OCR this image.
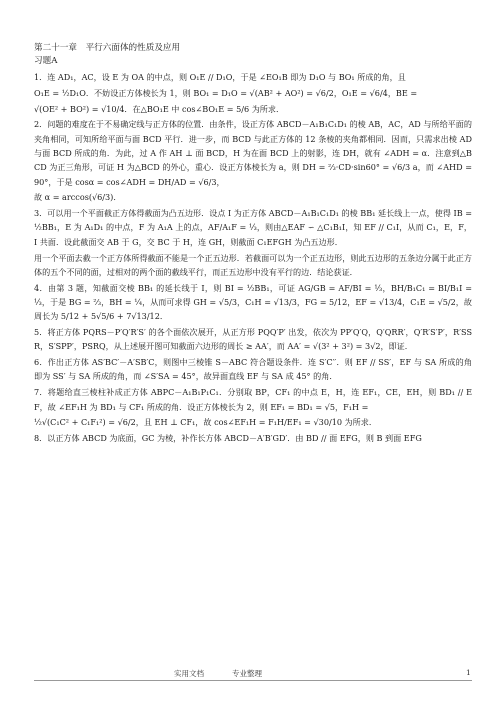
第二十一章　平行六面体的性质及应用

习题A

1．连 AD₁，AC，设 E 为 OA 的中点，则 O₁E // D₁O，于是 ∠EO₁B 即为 D₁O 与 BO₁ 所成的角，且

O₁E = ½D₁O．不妨设正方体棱长为 1，则 BO₁ = D₁O = √(AB² + AO²) = √6/2，O₁E = √6/4，BE =

√(OE² + BO²) = √10/4．在△BO₁E 中 cos∠BO₁E = 5/6 为所求．

2．问题的难度在于不易确定线与正方体的位置．由条件，设正方体 ABCD－A₁B₁C₁D₁ 的棱 AB，AC，AD 与所给平面的夹角相同，可知所给平面与面 BCD 平行．进一步，而 BCD 与此正方体的 12 条棱的夹角都相同．因而，只需求出棱 AD 与面 BCD 所成的角．为此，过 A 作 AH ⊥ 面 BCD，H 为在面 BCD 上的射影，连 DH，就有 ∠ADH = α．注意到△BCD 为正三角形，可证 H 为△BCD 的外心，重心．设正方体棱长为 a，则 DH = ⅔·CD·sin60° = √6/3 a，而 ∠AHD = 90°，于是 cosα = cos∠ADH = DH/AD = √6/3，

故 α = arccos(√6/3)．

3．可以用一个平面截正方体得截面为凸五边形．设点 I 为正方体 ABCD－A₁B₁C₁D₁ 的棱 BB₁ 延长线上一点，使得 IB = ½BB₁，E 为 A₁D₁ 的中点，F 为 A₁A 上的点，AF/A₁F = ⅓，则由△EAF ∽ △C₁B₁I，知 EF // C₁I，从而 C₁，E，F，I 共面．设此截面交 AB 于 G，交 BC 于 H，连 GH，则截面 C₁EFGH 为凸五边形．

用一个平面去截一个正方体所得截面不能是一个正五边形．若截面可以为一个正五边形，则此五边形的五条边分属于此正方体的五个不同的面，过相对的两个面的截线平行，而正五边形中没有平行的边．结论获证．

4．由第 3 题，知截面交棱 BB₁ 的延长线于 I，则 BI = ½BB₁，可证 AG/GB = AF/BI = ⅓，BH/B₁C₁ = BI/B₁I = ⅓，于是 BG = ⅔，BH = ¼，从而可求得 GH = √5/3，C₁H = √13/3，FG = 5/12，EF = √13/4，C₁E = √5/2，故周长为 5/12 + 5√5/6 + 7√13/12．

5．将正方体 PQRS－P′Q′R′S′ 的各个面依次展开，从正方形 PQQ′P′ 出发，依次为 PP′Q′Q，Q′QRR′，Q′R′S′P′，R′SSR，S′SPP′，PSRQ，从上述展开图可知截面六边形的周长 ≥ AA′，而 AA′ = √(3² + 3²) = 3√2，即证．

6．作出正方体 AS′BC′－A′SB′C，则图中三棱锥 S－ABC 符合题设条件．连 S′C′′．则 EF // SS′，EF 与 SA 所成的角即为 SS′ 与 SA 所成的角，而 ∠S′SA = 45°，故异面直线 EF 与 SA 成 45° 的角．

7．将题给直三棱柱补成正方体 ABPC－A₁B₁P₁C₁．分别取 BP，CF₁ 的中点 E，H，连 EF₁，CE，EH，则 BD₁ // EF，故 ∠EF₁H 为 BD₁ 与 CF₁ 所成的角．设正方体棱长为 2，则 EF₁ = BD₁ = √5，F₁H =

½√(C₁C² + C₁F₁²) = √6/2，且 EH ⊥ CF₁，故 cos∠EF₁H = F₁H/EF₁ = √30/10 为所求．

8．以正方体 ABCD 为底面，GC 为棱，补作长方体 ABCD－A′B′GD′．由 BD // 面 EFG，则 B 到面 EFG

实用文档	专业整理	1
